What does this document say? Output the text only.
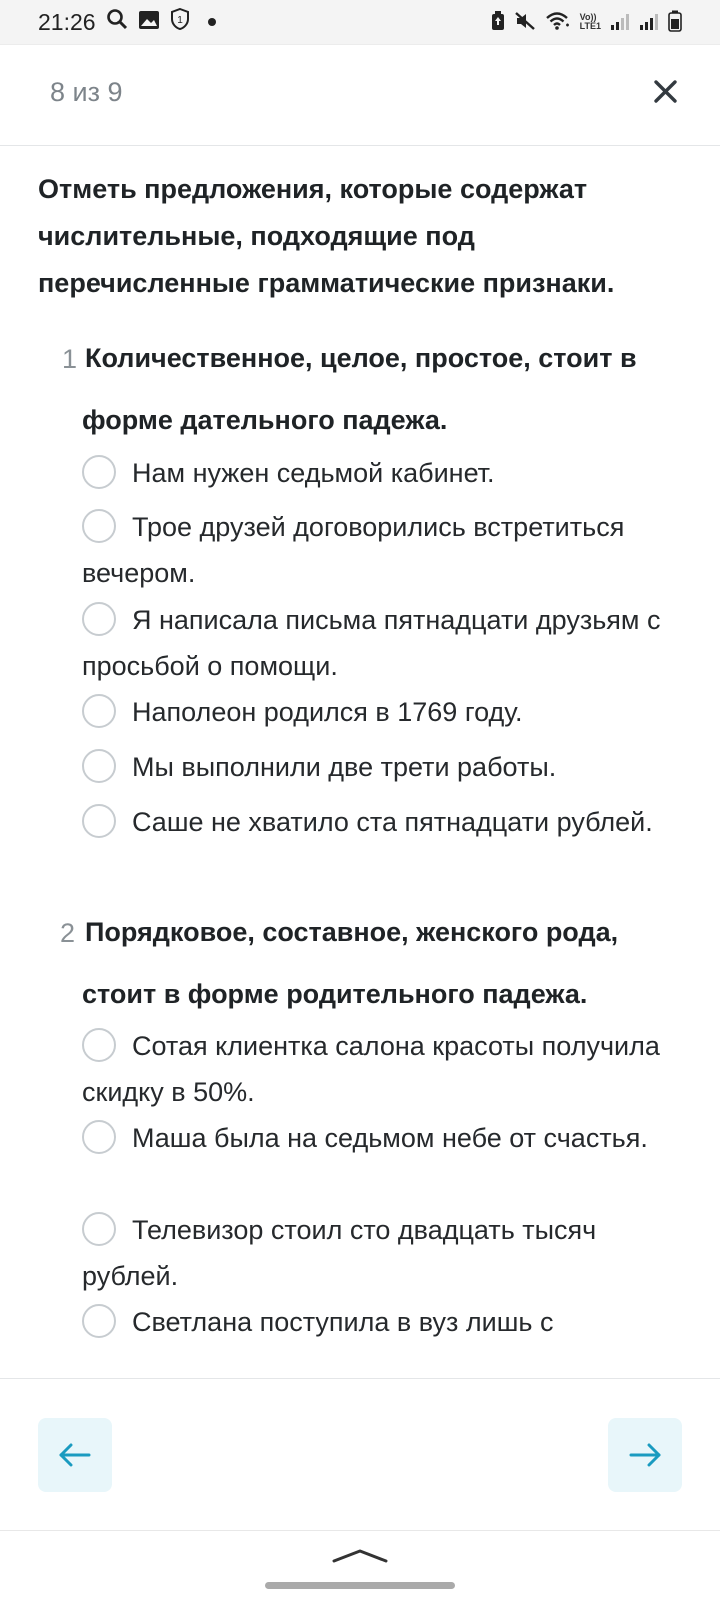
21:26	1	Vo))
LTE1
8 из 9
Отметь предложения, которые содержат числительные, подходящие под перечисленные грамматические признаки.
1 Количественное, целое, простое, стоит в форме дательного падежа.
Нам нужен седьмой кабинет.
Трое друзей договорились встретиться вечером.
Я написала письма пятнадцати друзьям с просьбой о помощи.
Наполеон родился в 1769 году.
Мы выполнили две трети работы.
Саше не хватило ста пятнадцати рублей.
2 Порядковое, составное, женского рода, стоит в форме родительного падежа.
Сотая клиентка салона красоты получила скидку в 50%.
Маша была на седьмом небе от счастья.
Телевизор стоил сто двадцать тысяч рублей.
Светлана поступила в вуз лишь с
